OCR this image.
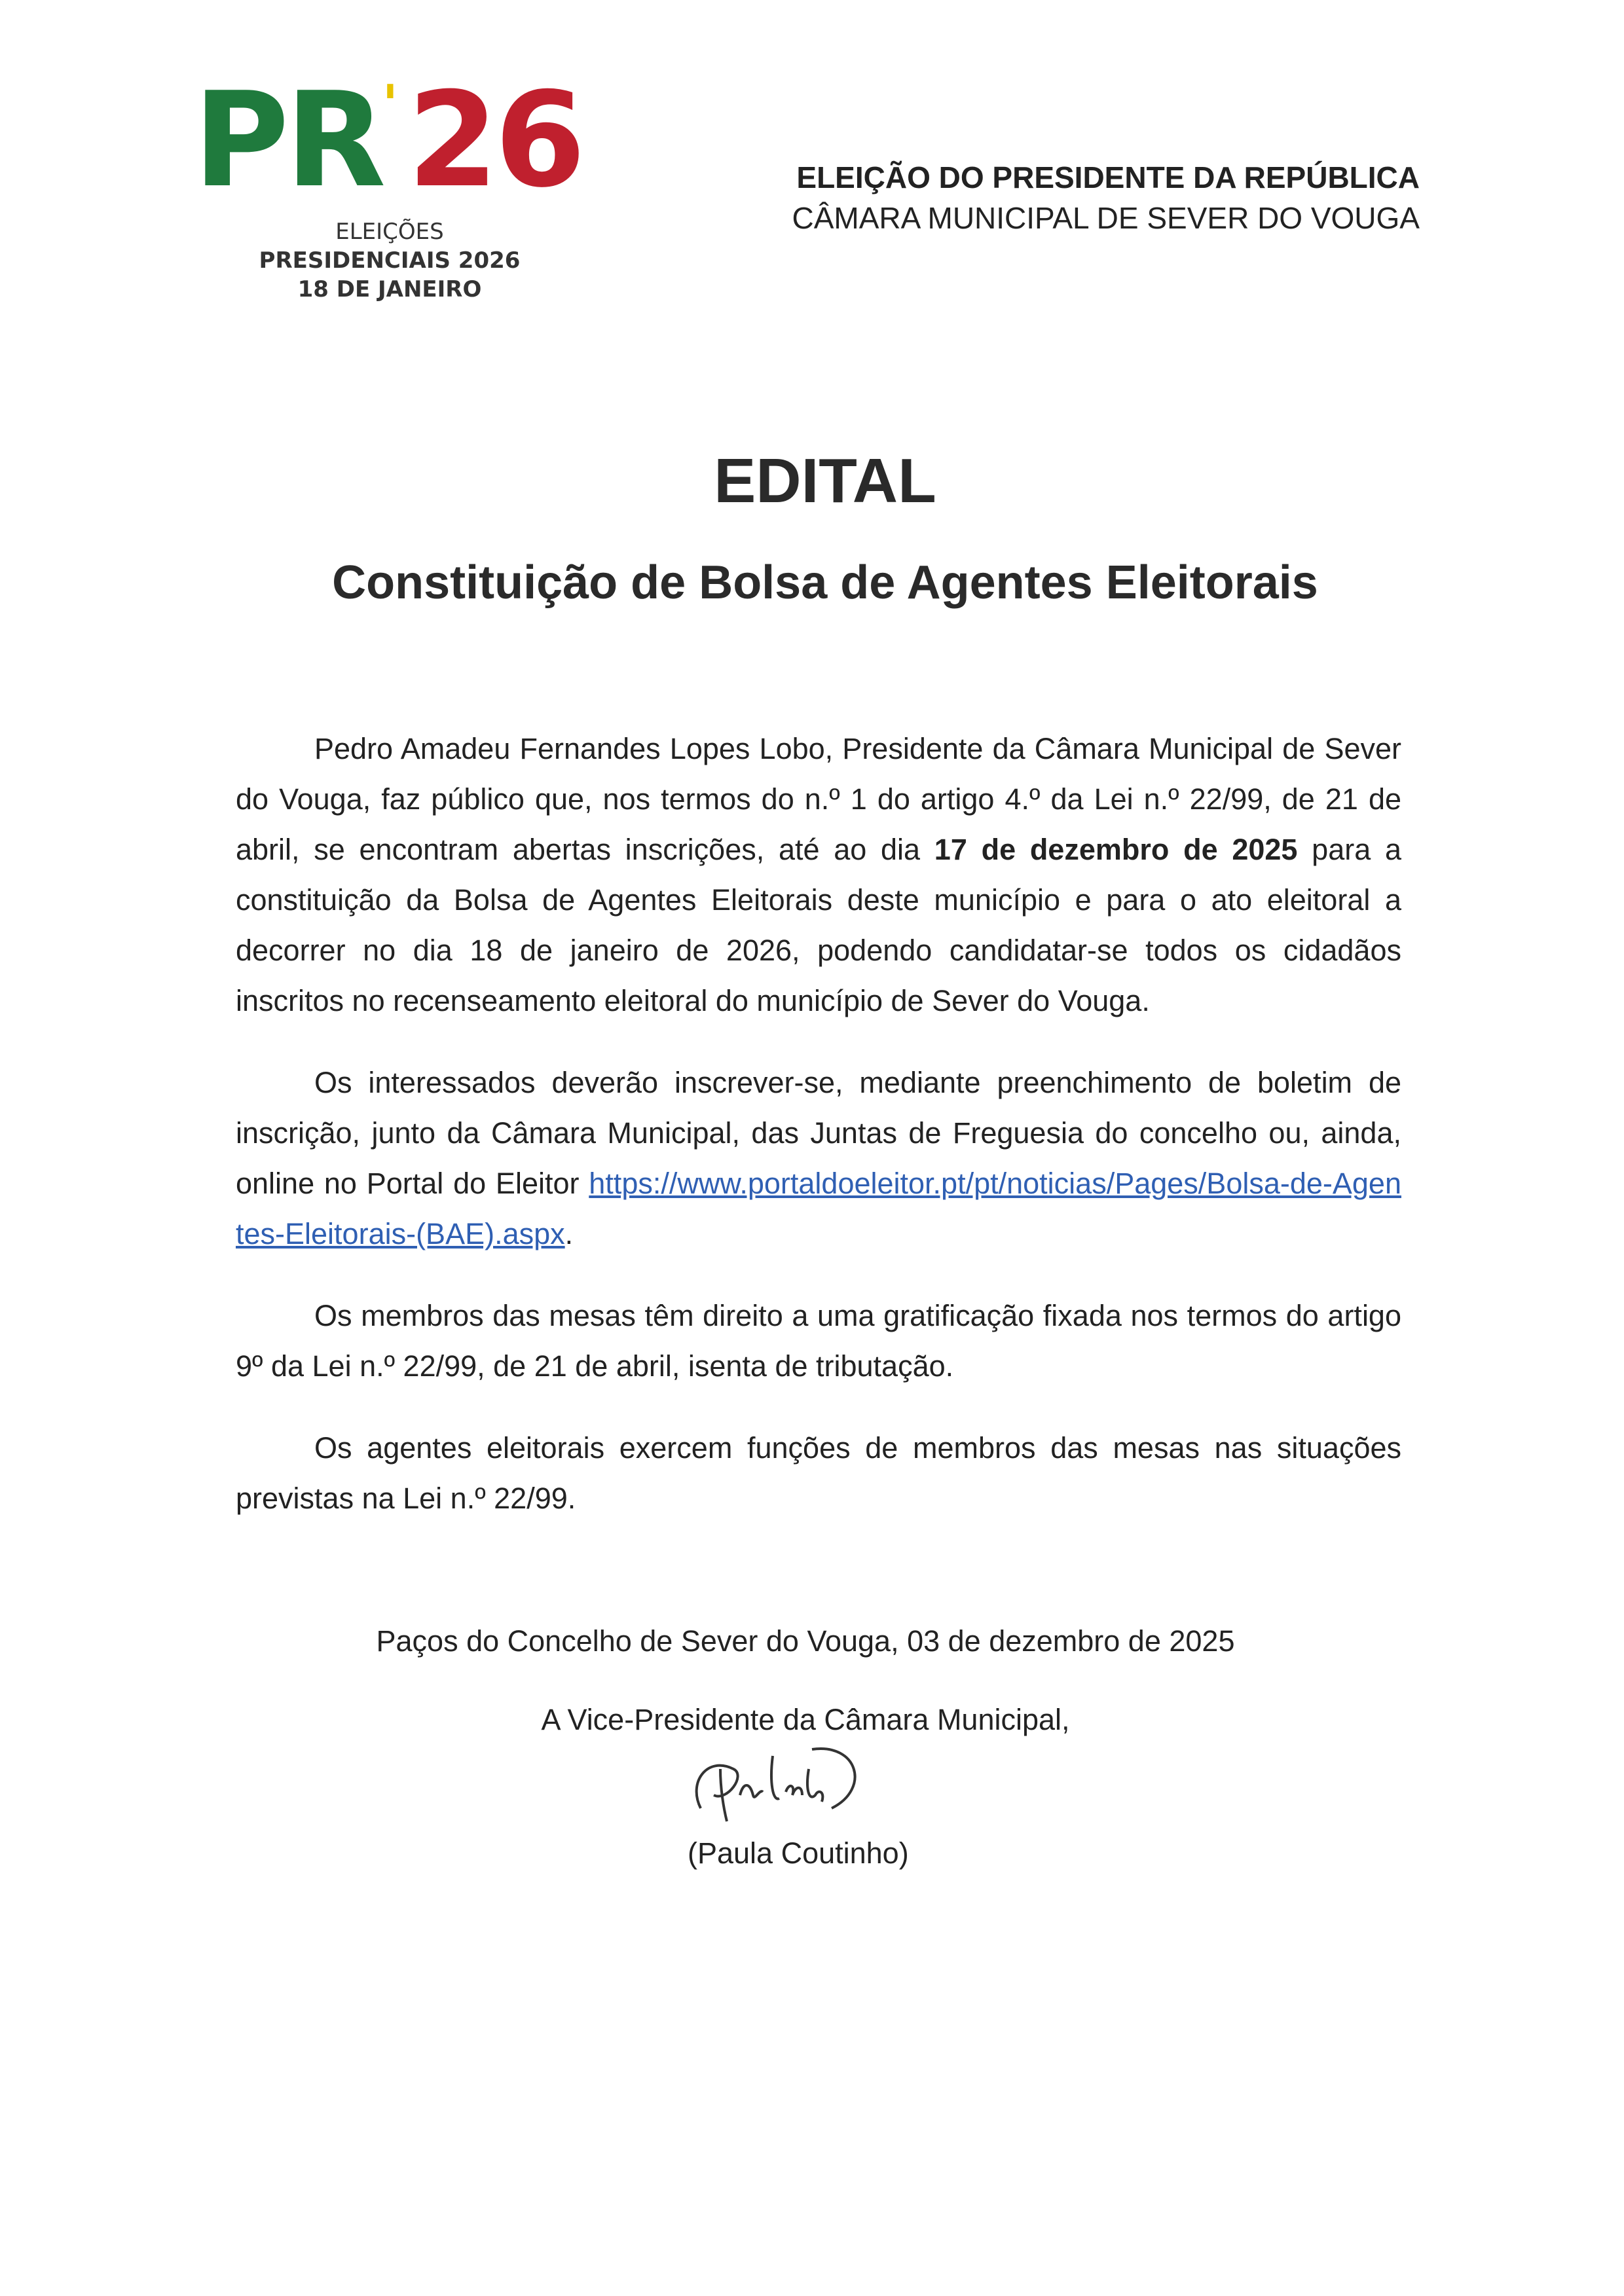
PR' 26
ELEIÇÕES
PRESIDENCIAIS 2026
18 DE JANEIRO
ELEIÇÃO DO PRESIDENTE DA REPÚBLICA
CÂMARA MUNICIPAL DE SEVER DO VOUGA
EDITAL
Constituição de Bolsa de Agentes Eleitorais

Pedro Amadeu Fernandes Lopes Lobo, Presidente da Câmara Municipal de Sever do Vouga, faz público que, nos termos do n.º 1 do artigo 4.º da Lei n.º 22/99, de 21 de abril, se encontram abertas inscrições, até ao dia 17 de dezembro de 2025 para a constituição da Bolsa de Agentes Eleitorais deste município e para o ato eleitoral a decorrer no dia 18 de janeiro de 2026, podendo candidatar-se todos os cidadãos inscritos no recenseamento eleitoral do município de Sever do Vouga.

Os interessados deverão inscrever-se, mediante preenchimento de boletim de inscrição, junto da Câmara Municipal, das Juntas de Freguesia do concelho ou, ainda, online no Portal do Eleitor https://www.portaldoeleitor.pt/pt/noticias/Pages/Bolsa-de-Agentes-Eleitorais-(BAE).aspx.

Os membros das mesas têm direito a uma gratificação fixada nos termos do artigo 9º da Lei n.º 22/99, de 21 de abril, isenta de tributação.

Os agentes eleitorais exercem funções de membros das mesas nas situações previstas na Lei n.º 22/99.

Paços do Concelho de Sever do Vouga, 03 de dezembro de 2025
A Vice-Presidente da Câmara Municipal,
(Paula Coutinho)
